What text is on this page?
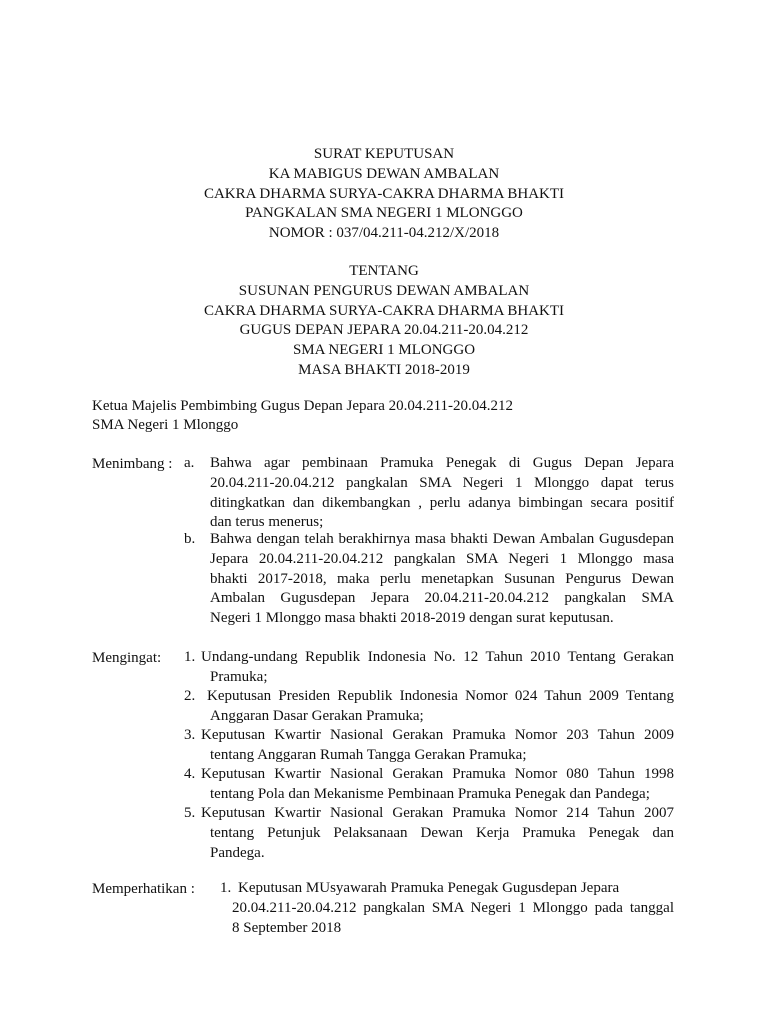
SURAT KEPUTUSAN
KA MABIGUS DEWAN AMBALAN
CAKRA DHARMA SURYA-CAKRA DHARMA BHAKTI
PANGKALAN SMA NEGERI 1 MLONGGO
NOMOR : 037/04.211-04.212/X/2018
TENTANG
SUSUNAN PENGURUS DEWAN AMBALAN
CAKRA DHARMA SURYA-CAKRA DHARMA BHAKTI
GUGUS DEPAN JEPARA 20.04.211-20.04.212
SMA NEGERI 1 MLONGGO
MASA BHAKTI 2018-2019
Ketua Majelis Pembimbing Gugus Depan Jepara 20.04.211-20.04.212
SMA Negeri 1 Mlonggo
Menimbang : a. Bahwa agar pembinaan Pramuka Penegak di Gugus Depan Jepara
20.04.211-20.04.212 pangkalan SMA Negeri 1 Mlonggo dapat terus
ditingkatkan dan dikembangkan , perlu adanya bimbingan secara positif
dan terus menerus;
b. Bahwa dengan telah berakhirnya masa bhakti Dewan Ambalan Gugusdepan
Jepara 20.04.211-20.04.212 pangkalan SMA Negeri 1 Mlonggo masa
bhakti 2017-2018, maka perlu menetapkan Susunan Pengurus Dewan
Ambalan Gugusdepan Jepara 20.04.211-20.04.212 pangkalan SMA
Negeri 1 Mlonggo masa bhakti 2018-2019 dengan surat keputusan.
Mengingat: 1. Undang-undang Republik Indonesia No. 12 Tahun 2010 Tentang Gerakan
Pramuka;
2. Keputusan Presiden Republik Indonesia Nomor 024 Tahun 2009 Tentang
Anggaran Dasar Gerakan Pramuka;
3. Keputusan Kwartir Nasional Gerakan Pramuka Nomor 203 Tahun 2009
tentang Anggaran Rumah Tangga Gerakan Pramuka;
4. Keputusan Kwartir Nasional Gerakan Pramuka Nomor 080 Tahun 1998
tentang Pola dan Mekanisme Pembinaan Pramuka Penegak dan Pandega;
5. Keputusan Kwartir Nasional Gerakan Pramuka Nomor 214 Tahun 2007
tentang Petunjuk Pelaksanaan Dewan Kerja Pramuka Penegak dan
Pandega.
Memperhatikan : 1. Keputusan MUsyawarah Pramuka Penegak Gugusdepan Jepara
20.04.211-20.04.212 pangkalan SMA Negeri 1 Mlonggo pada tanggal
8 September 2018
